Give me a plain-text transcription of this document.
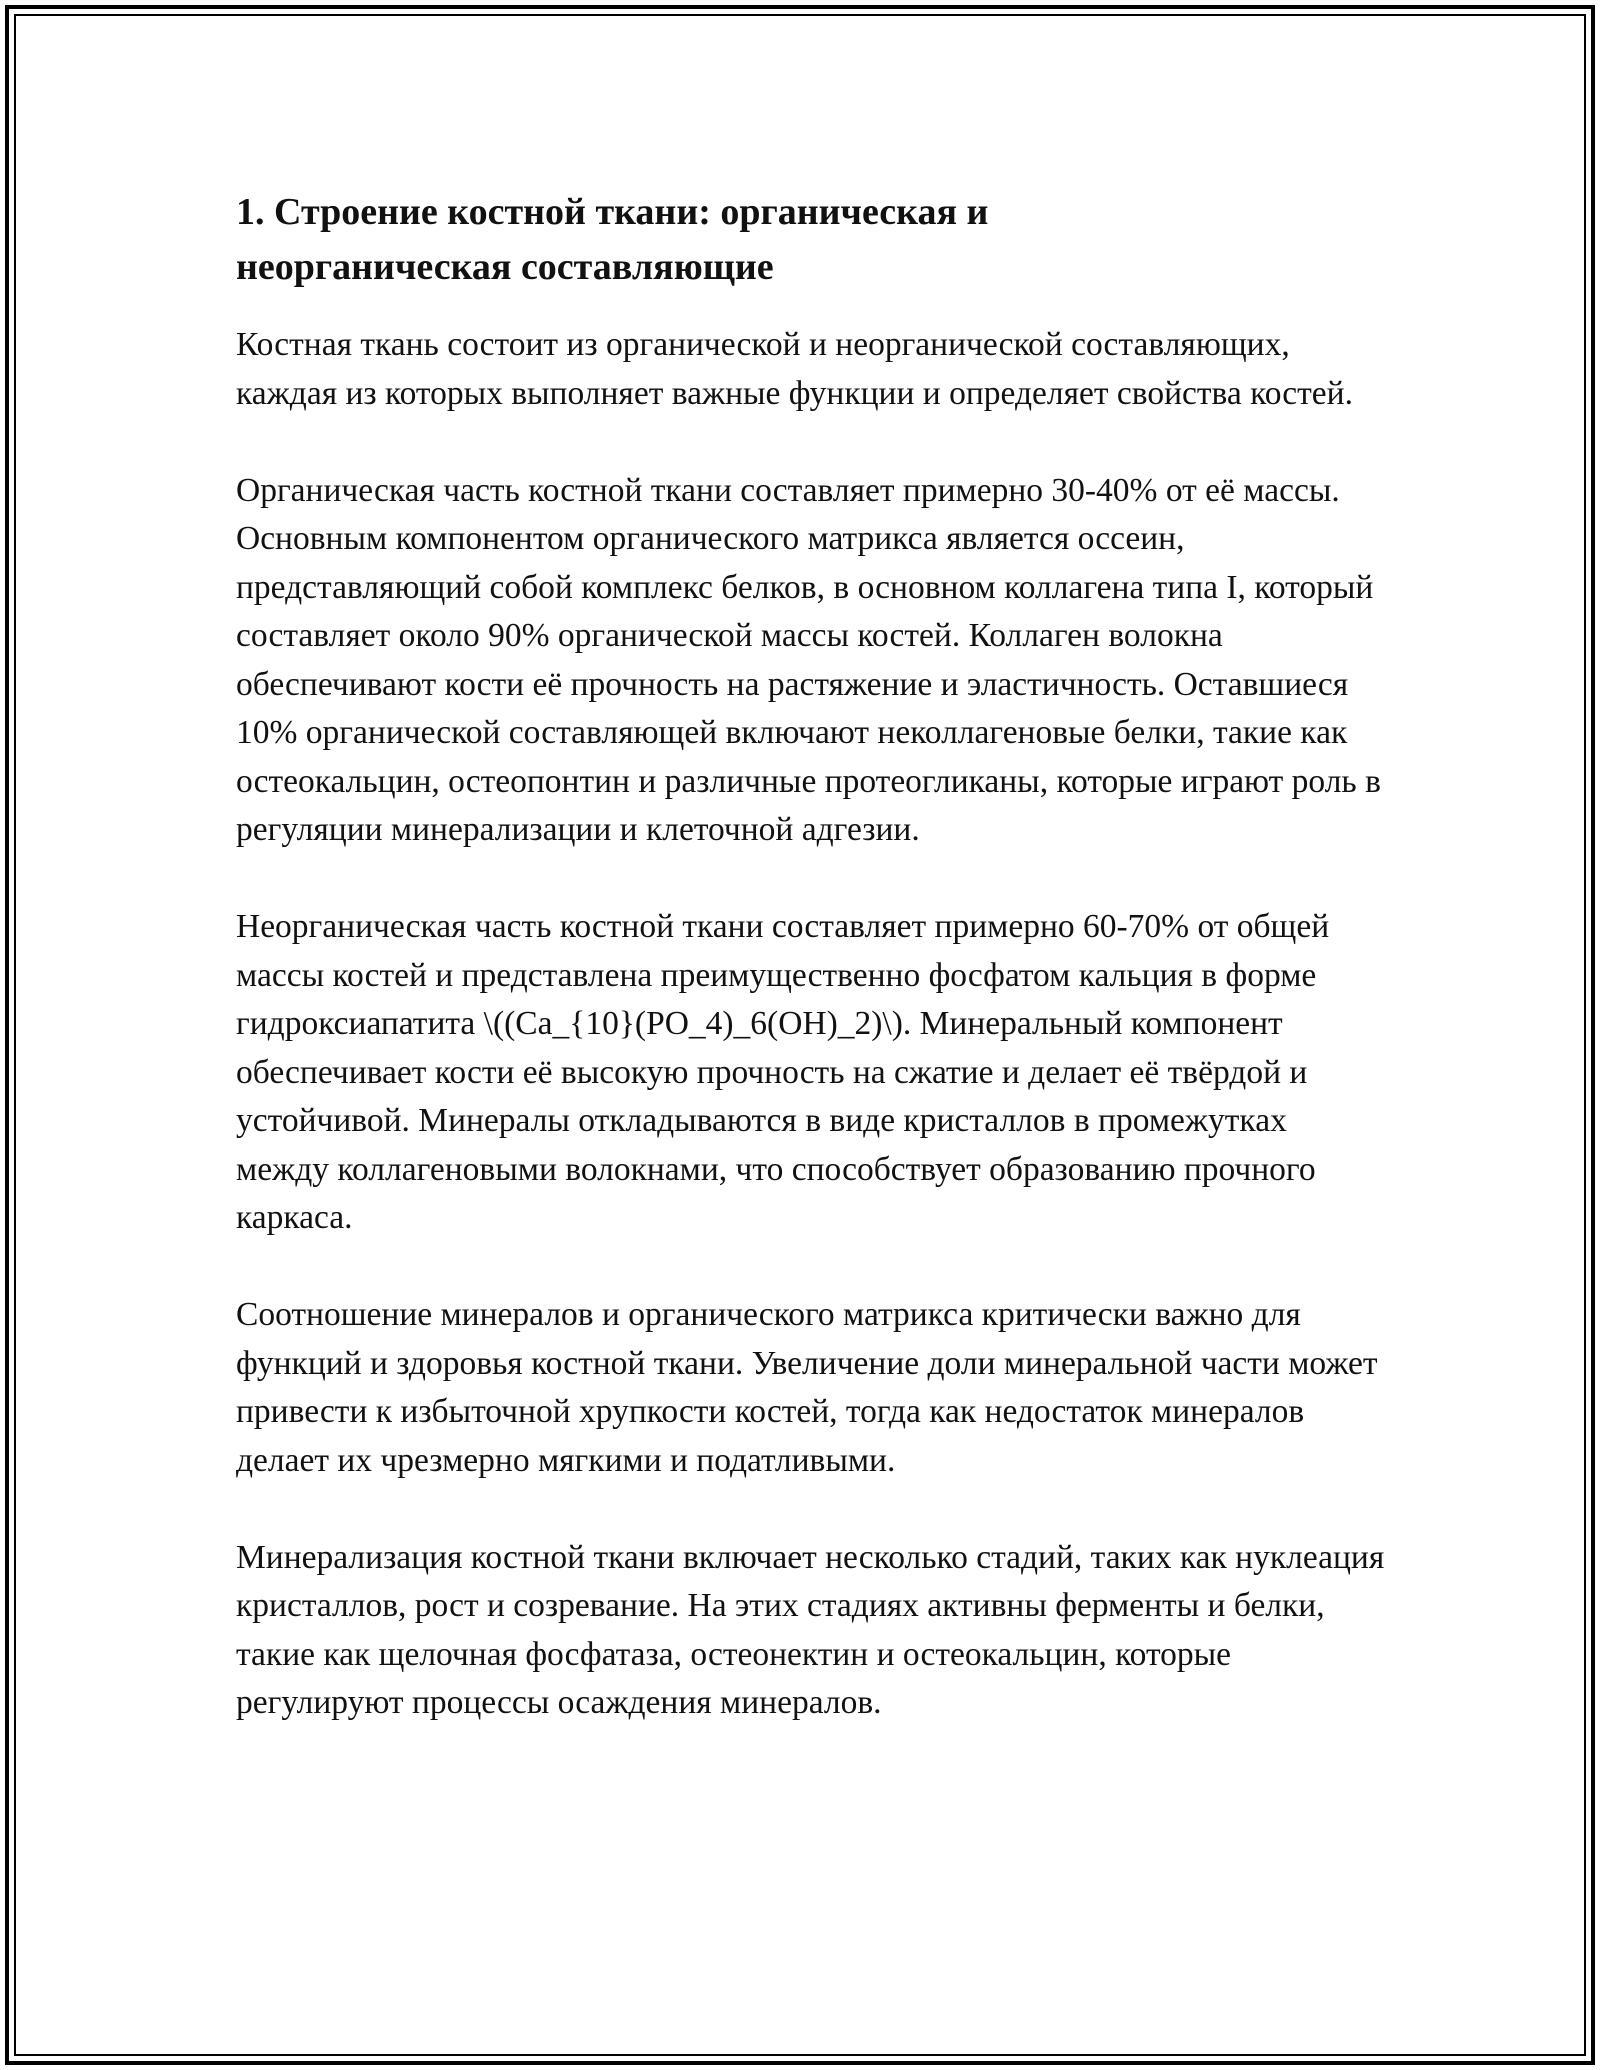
1. Строение костной ткани: органическая и неорганическая составляющие

Костная ткань состоит из органической и неорганической составляющих, каждая из которых выполняет важные функции и определяет свойства костей.

Органическая часть костной ткани составляет примерно 30-40% от её массы. Основным компонентом органического матрикса является оссеин, представляющий собой комплекс белков, в основном коллагена типа I, который составляет около 90% органической массы костей. Коллаген волокна обеспечивают кости её прочность на растяжение и эластичность. Оставшиеся 10% органической составляющей включают неколлагеновые белки, такие как остеокальцин, остеопонтин и различные протеогликаны, которые играют роль в регуляции минерализации и клеточной адгезии.

Неорганическая часть костной ткани составляет примерно 60-70% от общей массы костей и представлена преимущественно фосфатом кальция в форме гидроксиапатита \((Ca_{10}(PO_4)_6(OH)_2)\). Минеральный компонент обеспечивает кости её высокую прочность на сжатие и делает её твёрдой и устойчивой. Минералы откладываются в виде кристаллов в промежутках между коллагеновыми волокнами, что способствует образованию прочного каркаса.

Соотношение минералов и органического матрикса критически важно для функций и здоровья костной ткани. Увеличение доли минеральной части может привести к избыточной хрупкости костей, тогда как недостаток минералов делает их чрезмерно мягкими и податливыми.

Минерализация костной ткани включает несколько стадий, таких как нуклеация кристаллов, рост и созревание. На этих стадиях активны ферменты и белки, такие как щелочная фосфатаза, остеонектин и остеокальцин, которые регулируют процессы осаждения минералов.
